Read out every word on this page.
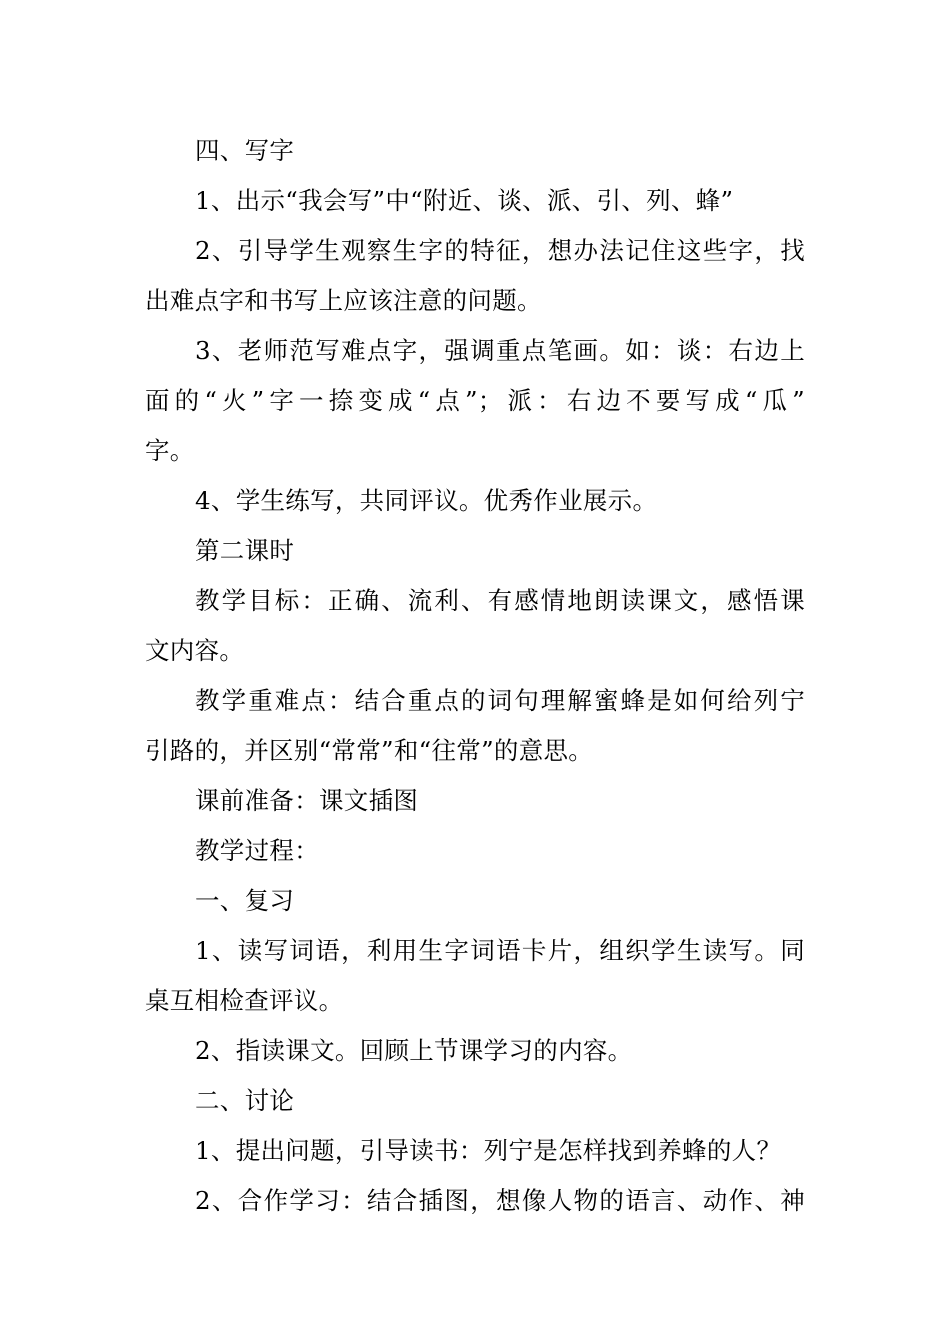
四、写字
1、出示“我会写”中“附近、谈、派、引、列、蜂”
2、引导学生观察生字的特征，想办法记住这些字，找
出难点字和书写上应该注意的问题。
3、老师范写难点字，强调重点笔画。如：谈：右边上
面的“火”字一捺变成“点”；派：右边不要写成“瓜”
字。
4、学生练写，共同评议。优秀作业展示。
第二课时
教学目标：正确、流利、有感情地朗读课文，感悟课
文内容。
教学重难点：结合重点的词句理解蜜蜂是如何给列宁
引路的，并区别“常常”和“往常”的意思。
课前准备：课文插图
教学过程：
一、复习
1、读写词语，利用生字词语卡片，组织学生读写。同
桌互相检查评议。
2、指读课文。回顾上节课学习的内容。
二、讨论
1、提出问题，引导读书：列宁是怎样找到养蜂的人？
2、合作学习：结合插图，想像人物的语言、动作、神
